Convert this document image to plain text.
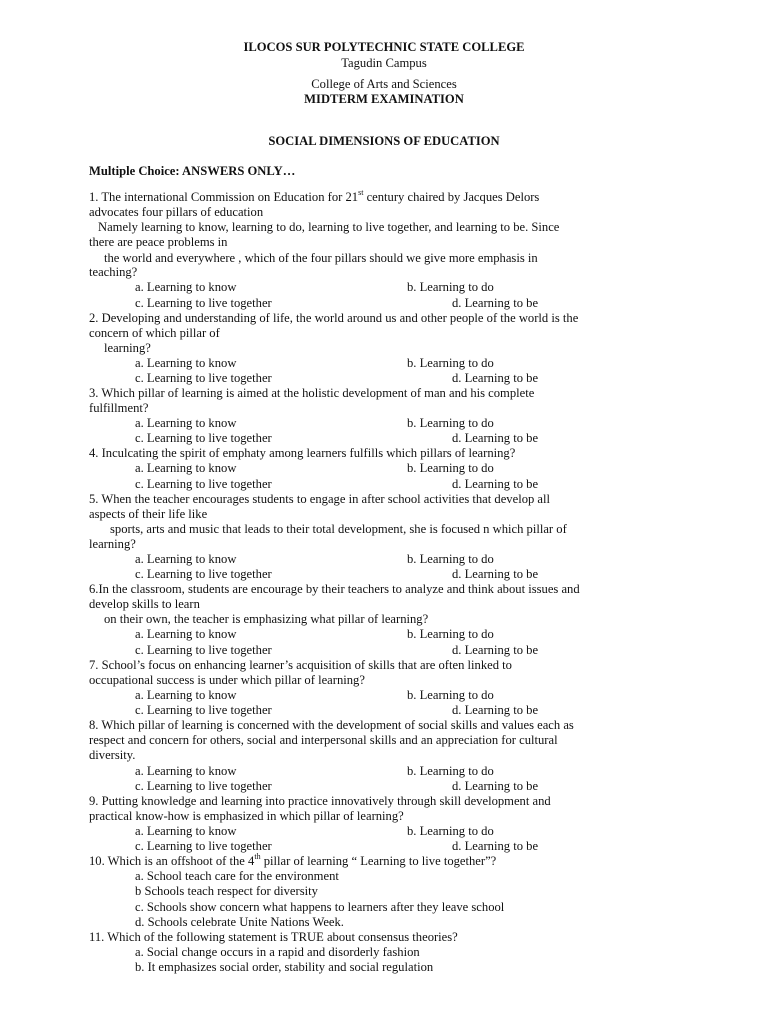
ILOCOS SUR POLYTECHNIC STATE COLLEGE
Tagudin Campus
College of Arts and Sciences
MIDTERM EXAMINATION
SOCIAL DIMENSIONS OF EDUCATION
Multiple Choice: ANSWERS ONLY…
1. The international Commission on Education for 21st century chaired by Jacques Delors
advocates four pillars of education
Namely learning to know, learning to do, learning to live together, and learning to be. Since
there are peace problems in
the world and everywhere , which of the four pillars should we give more emphasis in
teaching?
a. Learning to know	b. Learning to do
c. Learning to live together	d. Learning to be
2. Developing and understanding of life, the world around us and other people of the world is the
concern of which pillar of
learning?
a. Learning to know	b. Learning to do
c. Learning to live together	d. Learning to be
3. Which pillar of learning is aimed at the holistic development of man and his complete
fulfillment?
a. Learning to know	b. Learning to do
c. Learning to live together	d. Learning to be
4. Inculcating the spirit of emphaty among learners fulfills which pillars of learning?
a. Learning to know	b. Learning to do
c. Learning to live together	d. Learning to be
5. When the teacher encourages students to engage in after school activities that develop all
aspects of their life like
sports, arts and music that leads to their total development, she is focused n which pillar of
learning?
a. Learning to know	b. Learning to do
c. Learning to live together	d. Learning to be
6.In the classroom, students are encourage by their teachers to analyze and think about issues and
develop skills to learn
on their own, the teacher is emphasizing what pillar of learning?
a. Learning to know	b. Learning to do
c. Learning to live together	d. Learning to be
7. School’s focus on enhancing learner’s acquisition of skills that are often linked to
occupational success is under which pillar of learning?
a. Learning to know	b. Learning to do
c. Learning to live together	d. Learning to be
8. Which pillar of learning is concerned with the development of social skills and values each as
respect and concern for others, social and interpersonal skills and an appreciation for cultural
diversity.
a. Learning to know	b. Learning to do
c. Learning to live together	d. Learning to be
9. Putting knowledge and learning into practice innovatively through skill development and
practical know-how is emphasized in which pillar of learning?
a. Learning to know	b. Learning to do
c. Learning to live together	d. Learning to be
10. Which is an offshoot of the 4th pillar of learning “ Learning to live together”?
a. School teach care for the environment
b Schools teach respect for diversity
c. Schools show concern what happens to learners after they leave school
d. Schools celebrate Unite Nations Week.
11. Which of the following statement is TRUE about consensus theories?
a. Social change occurs in a rapid and disorderly fashion
b. It emphasizes social order, stability and social regulation
